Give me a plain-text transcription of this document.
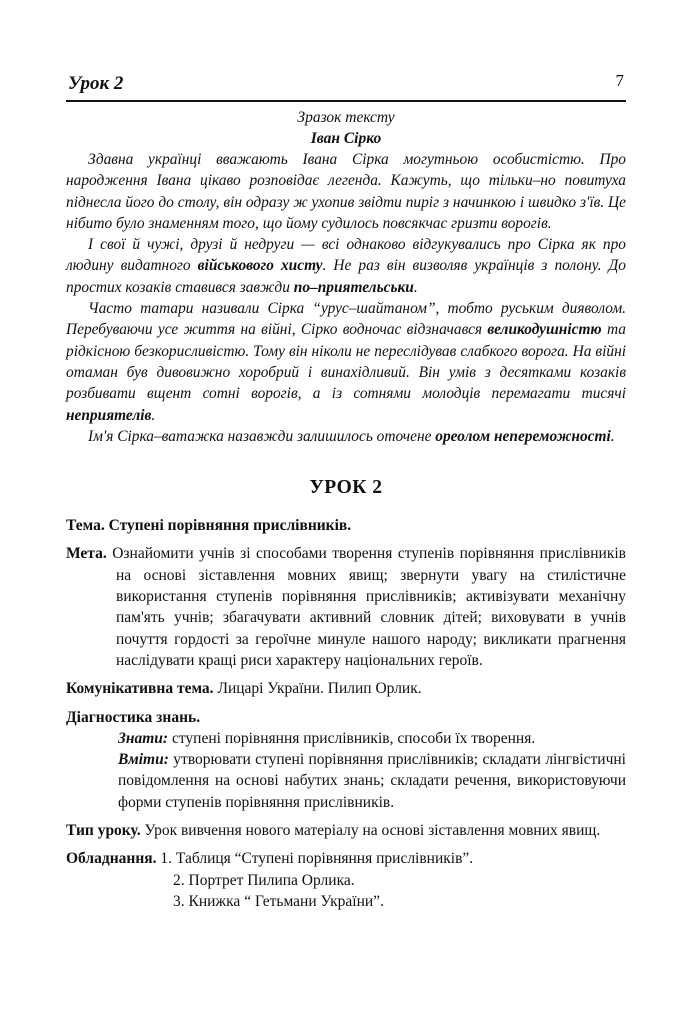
Урок 2	7
Зразок тексту
Іван Сірко

Здавна українці вважають Івана Сірка могутньою особистістю. Про народження Івана цікаво розповідає легенда. Кажуть, що тільки–но повитуха піднесла його до столу, він одразу ж ухопив звідти пиріг з начинкою і швидко з'їв. Це нібито було знаменням того, що йому судилось повсякчас гризти ворогів.

І свої й чужі, друзі й недруги — всі однаково відгукувались про Сірка як про людину видатного військового хисту. Не раз він визволяв українців з полону. До простих козаків ставився завжди по–приятельськи.

Часто татари називали Сірка “урус–шайтаном”, тобто руським дияволом. Перебуваючи усе життя на війні, Сірко водночас відзначався великодушністю та рідкісною безкорисливістю. Тому він ніколи не переслідував слабкого ворога. На війні отаман був дивовижно хоробрий і винахідливий. Він умів з десятками козаків розбивати вщент сотні ворогів, а із сотнями молодців перемагати тисячі неприятелів.

Ім'я Сірка–ватажка назавжди залишилось оточене ореолом непереможності.

УРОК 2
Тема. Ступені порівняння прислівників.
Мета. Ознайомити учнів зі способами творення ступенів порівняння прислівників на основі зіставлення мовних явищ; звернути увагу на стилістичне використання ступенів порівняння прислівників; активізувати механічну пам'ять учнів; збагачувати активний словник дітей; виховувати в учнів почуття гордості за героїчне минуле нашого народу; викликати прагнення наслідувати кращі риси характеру національних героїв.
Комунікативна тема. Лицарі України. Пилип Орлик.
Діагностика знань.
Знати: ступені порівняння прислівників, способи їх творення.
Вміти: утворювати ступені порівняння прислівників; складати лінгвістичні повідомлення на основі набутих знань; складати речення, використовуючи форми ступенів порівняння прислівників.
Тип уроку. Урок вивчення нового матеріалу на основі зіставлення мовних явищ.
Обладнання. 1. Таблиця “Ступені порівняння прислівників”.
2. Портрет Пилипа Орлика.
3. Книжка “ Гетьмани України”.
